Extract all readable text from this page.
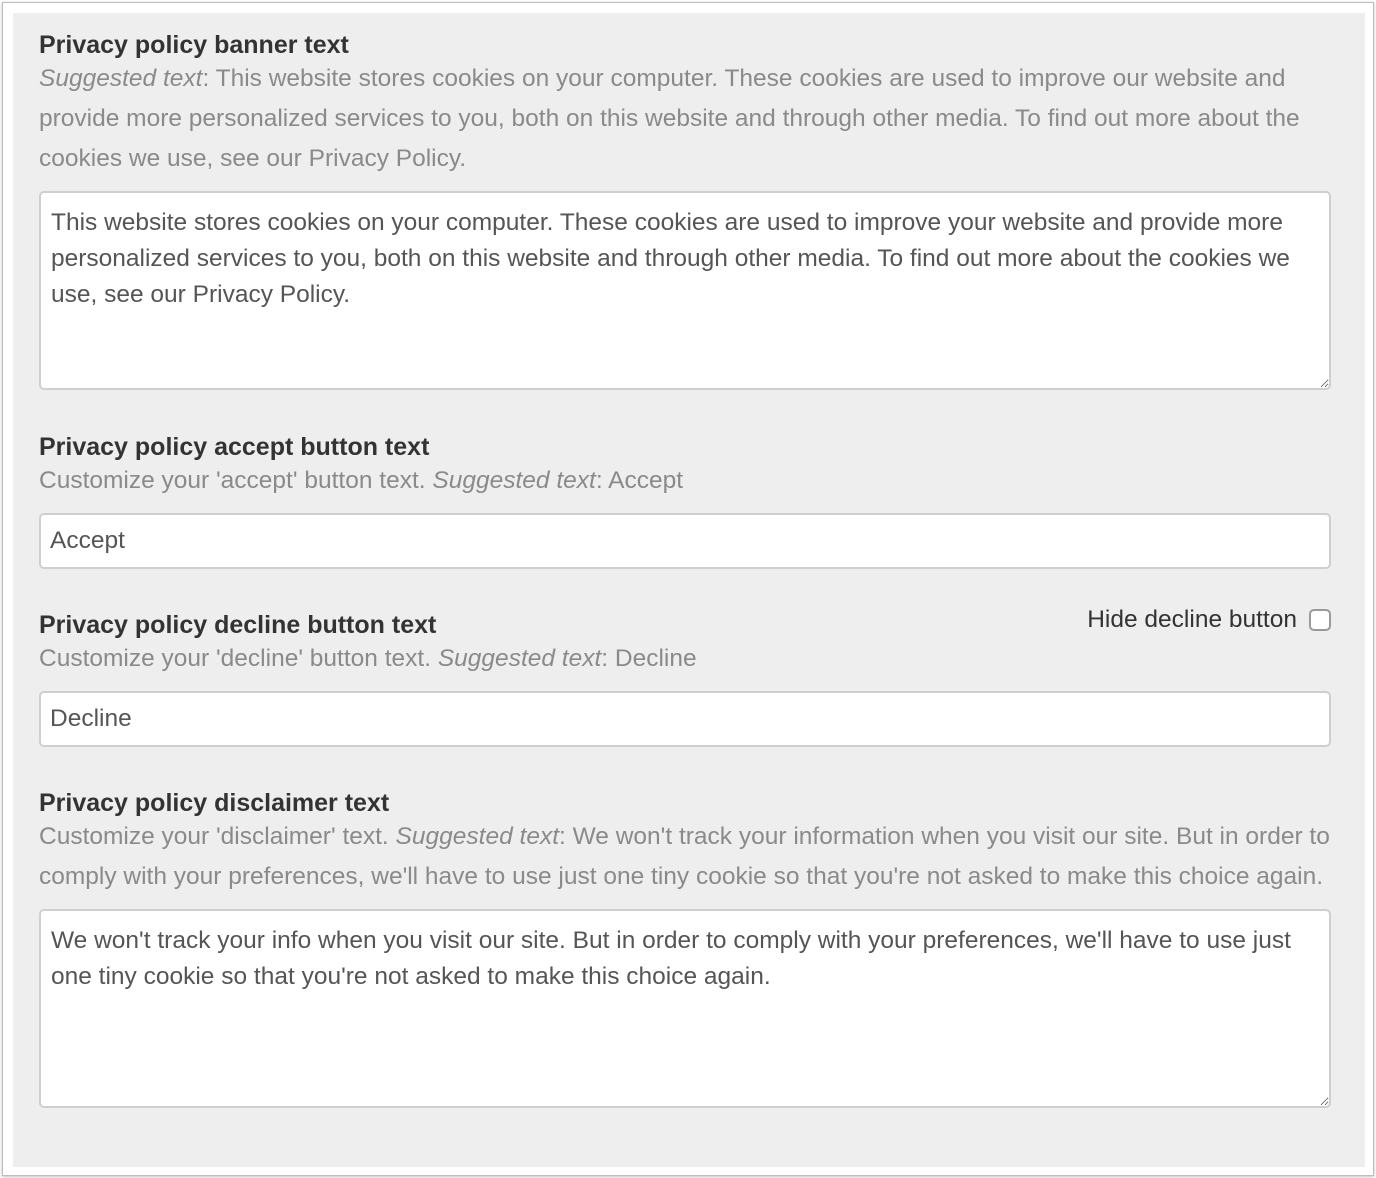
Privacy policy banner text

Suggested text: This website stores cookies on your computer. These cookies are used to improve our website and provide more personalized services to you, both on this website and through other media. To find out more about the cookies we use, see our Privacy Policy.

This website stores cookies on your computer. These cookies are used to improve your website and provide more personalized services to you, both on this website and through other media. To find out more about the cookies we use, see our Privacy Policy.

Privacy policy accept button text

Customize your 'accept' button text. Suggested text: Accept

Accept

Privacy policy decline button text	Hide decline button

Customize your 'decline' button text. Suggested text: Decline

Decline

Privacy policy disclaimer text

Customize your 'disclaimer' text. Suggested text: We won't track your information when you visit our site. But in order to comply with your preferences, we'll have to use just one tiny cookie so that you're not asked to make this choice again.

We won't track your info when you visit our site. But in order to comply with your preferences, we'll have to use just one tiny cookie so that you're not asked to make this choice again.
